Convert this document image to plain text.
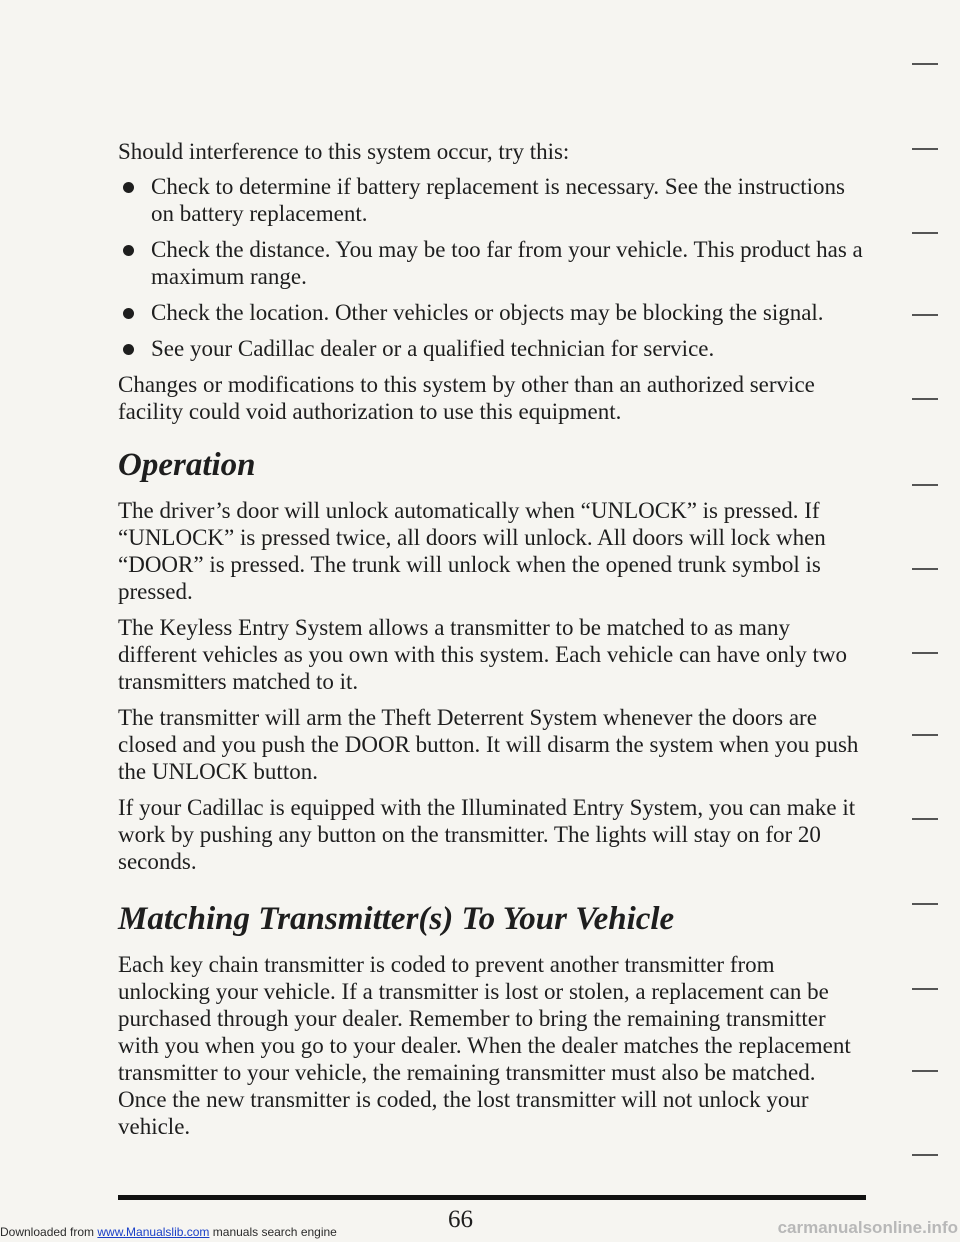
Should interference to this system occur, try this:

Check to determine if battery replacement is necessary. See the instructions on battery replacement.
Check the distance. You may be too far from your vehicle. This product has a maximum range.
Check the location. Other vehicles or objects may be blocking the signal.
See your Cadillac dealer or a qualified technician for service.

Changes or modifications to this system by other than an authorized service facility could void authorization to use this equipment.

Operation

The driver’s door will unlock automatically when “UNLOCK” is pressed. If “UNLOCK” is pressed twice, all doors will unlock. All doors will lock when “DOOR” is pressed. The trunk will unlock when the opened trunk symbol is pressed.

The Keyless Entry System allows a transmitter to be matched to as many different vehicles as you own with this system. Each vehicle can have only two transmitters matched to it.

The transmitter will arm the Theft Deterrent System whenever the doors are closed and you push the DOOR button. It will disarm the system when you push the UNLOCK button.

If your Cadillac is equipped with the Illuminated Entry System, you can make it work by pushing any button on the transmitter. The lights will stay on for 20 seconds.

Matching Transmitter(s) To Your Vehicle

Each key chain transmitter is coded to prevent another transmitter from unlocking your vehicle. If a transmitter is lost or stolen, a replacement can be purchased through your dealer. Remember to bring the remaining transmitter with you when you go to your dealer. When the dealer matches the replacement transmitter to your vehicle, the remaining transmitter must also be matched. Once the new transmitter is coded, the lost transmitter will not unlock your vehicle.

66
Downloaded from www.Manualslib.com manuals search engine	carmanualsonline.info
